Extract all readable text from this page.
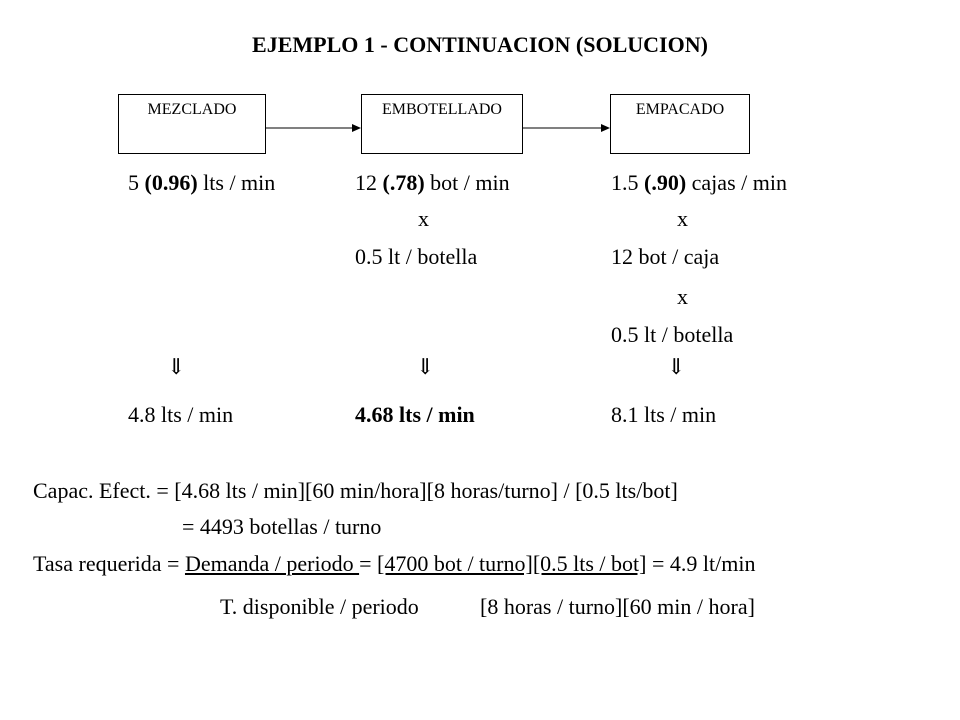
EJEMPLO 1 - CONTINUACION (SOLUCION)
MEZCLADO	EMBOTELLADO	EMPACADO
5 (0.96) lts / min
⇓
4.8 lts / min
12 (.78) bot / min
x
0.5 lt / botella
⇓
4.68 lts / min
1.5 (.90) cajas / min
x
12 bot / caja
x
0.5 lt / botella
⇓
8.1 lts / min
Capac. Efect. = [4.68 lts / min][60 min/hora][8 horas/turno] / [0.5 lts/bot]
= 4493 botellas / turno
Tasa requerida = Demanda / periodo = [4700 bot / turno][0.5 lts / bot] = 4.9 lt/min
T. disponible / periodo	[8 horas / turno][60 min / hora]
